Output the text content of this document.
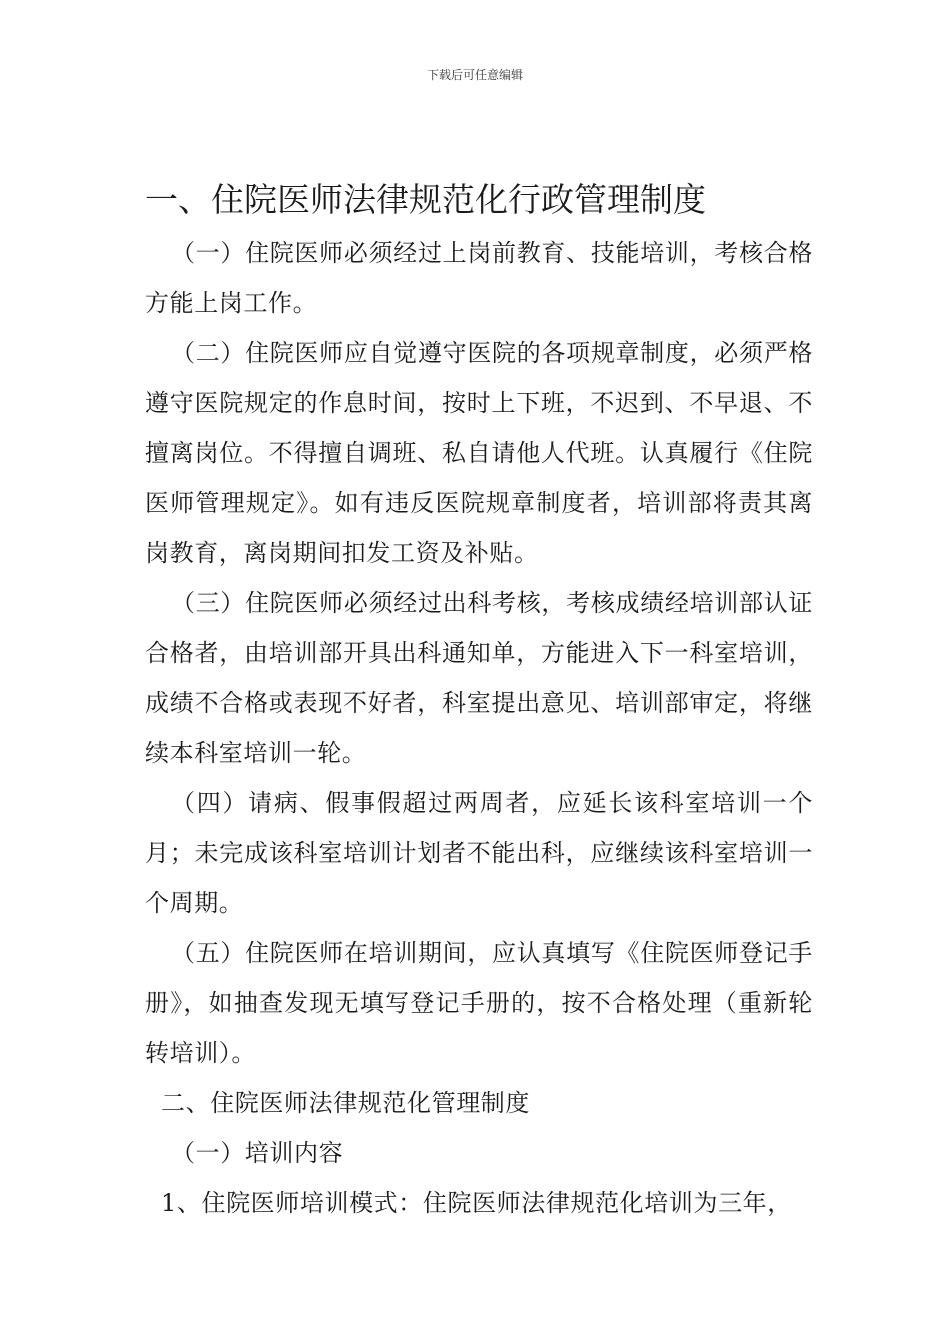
下载后可任意编辑
一、住院医师法律规范化行政管理制度

（一）住院医师必须经过上岗前教育、技能培训，考核合格方能上岗工作。

（二）住院医师应自觉遵守医院的各项规章制度，必须严格遵守医院规定的作息时间，按时上下班，不迟到、不早退、不擅离岗位。不得擅自调班、私自请他人代班。认真履行《住院医师管理规定》。如有违反医院规章制度者，培训部将责其离岗教育，离岗期间扣发工资及补贴。

（三）住院医师必须经过出科考核，考核成绩经培训部认证合格者，由培训部开具出科通知单，方能进入下一科室培训，成绩不合格或表现不好者，科室提出意见、培训部审定，将继续本科室培训一轮。

（四）请病、假事假超过两周者，应延长该科室培训一个月；未完成该科室培训计划者不能出科，应继续该科室培训一个周期。

（五）住院医师在培训期间，应认真填写《住院医师登记手册》，如抽查发现无填写登记手册的，按不合格处理（重新轮转培训）。

二、住院医师法律规范化管理制度

（一）培训内容

1、住院医师培训模式：住院医师法律规范化培训为三年，
